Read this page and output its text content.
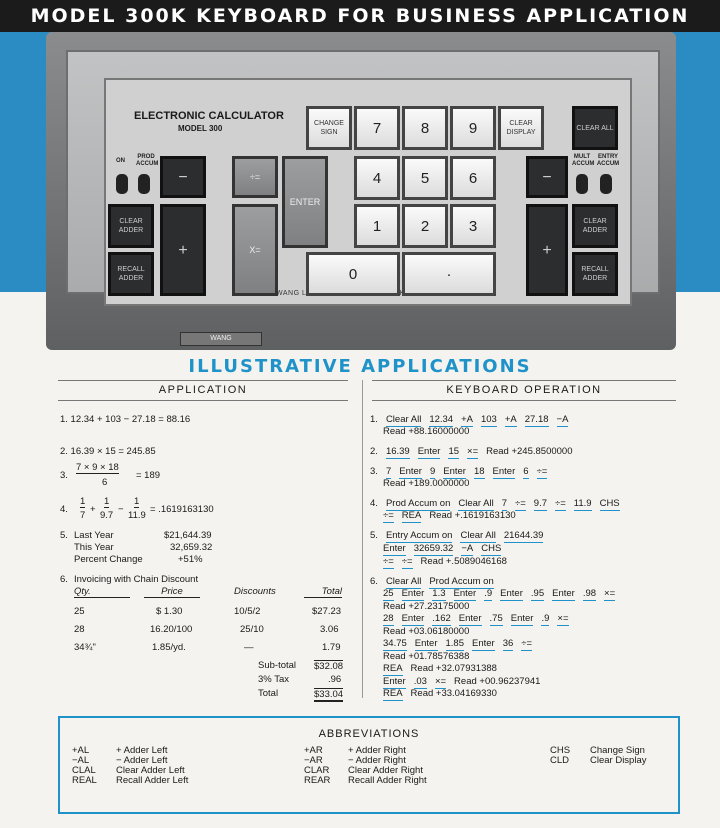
MODEL 300K KEYBOARD FOR BUSINESS APPLICATION
ELECTRONIC CALCULATOR
MODEL 300
WANG
ON
PROD ACCUM
MULT ACCUM
ENTRY ACCUM
−
CLEAR ADDER
RECALL ADDER
+
÷=
X=
ENTER
CHANGE SIGN	7	8	9	CLEAR DISPLAY
CLEAR ALL
4	5	6
1	2	3
0	·
−
+
CLEAR ADDER
RECALL ADDER
WANG
ILLUSTRATIVE APPLICATIONS
APPLICATION	KEYBOARD OPERATION
1. 12.34 + 103 − 27.18 = 88.16
2. 16.39 × 15 = 245.85
3.
7 × 9 × 18
6
= 189
4.
1
7
+
1
9.7
−
1
11.9
= .1619163130
5. Last Year	$21,644.39
This Year	32,659.32
Percent Change	+51%
6. Invoicing with Chain Discount
Qty.	Price	Discounts	Total
25	$ 1.30	10/5/2	$27.23
28	16.20/100	25/10	3.06
34¾"	1.85/yd.	—	1.79
Sub-total $32.08
3% Tax	.96
Total	$33.04
ABBREVIATIONS
+AL	+ Adder Left
−AL	− Adder Left
CLAL Clear Adder Left
REAL Recall Adder Left
+AR	+ Adder Right
−AR	− Adder Right
CLAR Clear Adder Right
REAR Recall Adder Right
CHS Change Sign
CLD Clear Display
1. Clear All 12.34 +A 103 +A 27.18 −A
Read +88.16000000
2. 16.39 Enter 15 ×= Read +245.8500000
3. 7 Enter 9 Enter 18 Enter 6 ÷=
Read +189.0000000
4. Prod Accum on Clear All 7 ÷= 9.7 ÷= 11.9 CHS
÷= REA Read +.1619163130
5. Entry Accum on Clear All 21644.39
Enter 32659.32 −A CHS
÷= ÷= Read +.5089046168
6. Clear All Prod Accum on
25 Enter 1.3 Enter .9 Enter .95 Enter .98 ×=
Read +27.23175000
28 Enter .162 Enter .75 Enter .9 ×=
Read +03.06180000
34.75 Enter 1.85 Enter 36 ÷=
Read +01.78576388
REA Read +32.07931388
Enter .03 ×= Read +00.96237941
REA Read +33.04169330
